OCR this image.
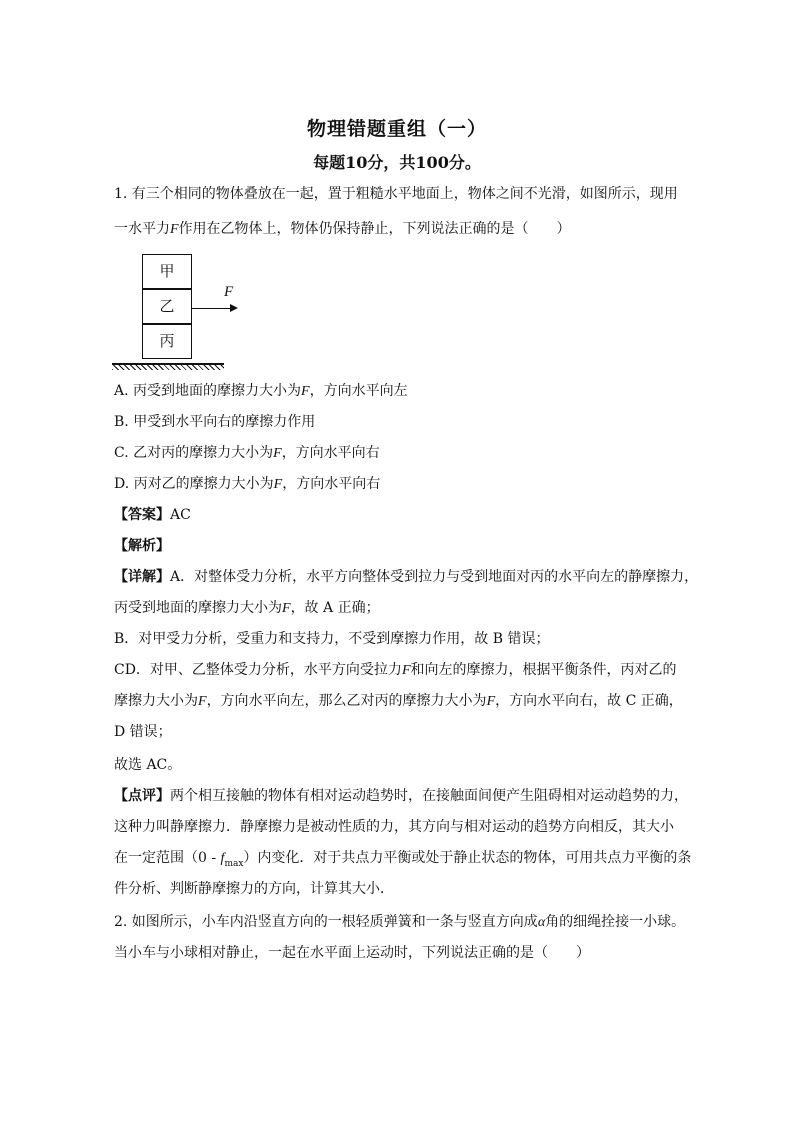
物理错题重组（一）
每题10分，共100分。
1. 有三个相同的物体叠放在一起，置于粗糙水平地面上，物体之间不光滑，如图所示，现用
一水平力F作用在乙物体上，物体仍保持静止，下列说法正确的是（　　）
甲
乙
丙
F
A. 丙受到地面的摩擦力大小为F，方向水平向左
B. 甲受到水平向右的摩擦力作用
C. 乙对丙的摩擦力大小为F，方向水平向右
D. 丙对乙的摩擦力大小为F，方向水平向右
【答案】AC
【解析】
【详解】A．对整体受力分析，水平方向整体受到拉力与受到地面对丙的水平向左的静摩擦力，
丙受到地面的摩擦力大小为F，故 A 正确；
B．对甲受力分析，受重力和支持力，不受到摩擦力作用，故 B 错误；
CD．对甲、乙整体受力分析，水平方向受拉力F和向左的摩擦力，根据平衡条件，丙对乙的
摩擦力大小为F，方向水平向左，那么乙对丙的摩擦力大小为F，方向水平向右，故 C 正确，
D 错误；
故选 AC。
【点评】两个相互接触的物体有相对运动趋势时，在接触面间便产生阻碍相对运动趋势的力，
这种力叫静摩擦力．静摩擦力是被动性质的力，其方向与相对运动的趋势方向相反，其大小
在一定范围$(0 - f_{max})$内变化．对于共点力平衡或处于静止状态的物体，可用共点力平衡的条
件分析、判断静摩擦力的方向，计算其大小．
2. 如图所示，小车内沿竖直方向的一根轻质弹簧和一条与竖直方向成α角的细绳拴接一小球。
当小车与小球相对静止，一起在水平面上运动时，下列说法正确的是（　　）
